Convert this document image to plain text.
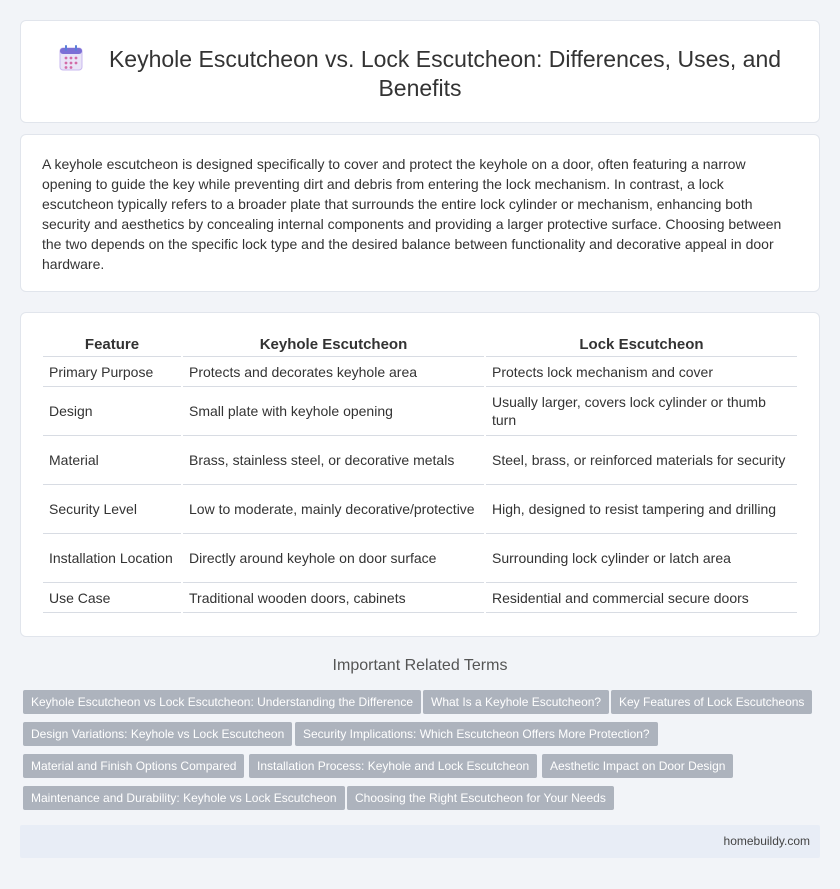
Keyhole Escutcheon vs. Lock Escutcheon: Differences, Uses, and Benefits

A keyhole escutcheon is designed specifically to cover and protect the keyhole on a door, often featuring a narrow opening to guide the key while preventing dirt and debris from entering the lock mechanism. In contrast, a lock escutcheon typically refers to a broader plate that surrounds the entire lock cylinder or mechanism, enhancing both security and aesthetics by concealing internal components and providing a larger protective surface. Choosing between the two depends on the specific lock type and the desired balance between functionality and decorative appeal in door hardware.

Feature	Keyhole Escutcheon	Lock Escutcheon
Primary Purpose	Protects and decorates keyhole area	Protects lock mechanism and cover
Design	Small plate with keyhole opening	Usually larger, covers lock cylinder or thumb turn
Material	Brass, stainless steel, or decorative metals	Steel, brass, or reinforced materials for security
Security Level	Low to moderate, mainly decorative/protective	High, designed to resist tampering and drilling
Installation Location	Directly around keyhole on door surface	Surrounding lock cylinder or latch area
Use Case	Traditional wooden doors, cabinets	Residential and commercial secure doors
Important Related Terms
Keyhole Escutcheon vs Lock Escutcheon: Understanding the Difference	What Is a Keyhole Escutcheon?	Key Features of Lock Escutcheons
Design Variations: Keyhole vs Lock Escutcheon	Security Implications: Which Escutcheon Offers More Protection?
Material and Finish Options Compared	Installation Process: Keyhole and Lock Escutcheon	Aesthetic Impact on Door Design
Maintenance and Durability: Keyhole vs Lock Escutcheon	Choosing the Right Escutcheon for Your Needs
homebuildy.com
